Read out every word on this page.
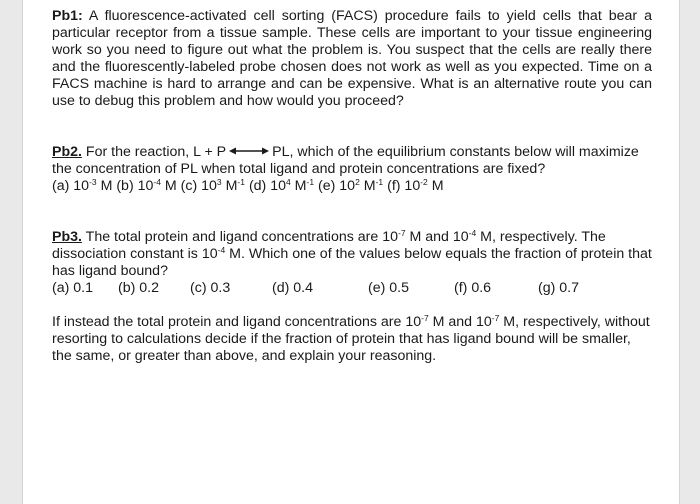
Pb1: A fluorescence-activated cell sorting (FACS) procedure fails to yield cells that bear a particular receptor from a tissue sample. These cells are important to your tissue engineering work so you need to figure out what the problem is. You suspect that the cells are really there and the fluorescently-labeled probe chosen does not work as well as you expected. Time on a FACS machine is hard to arrange and can be expensive. What is an alternative route you can use to debug this problem and how would you proceed?

Pb2. For the reaction, L + P	PL, which of the equilibrium constants below will maximize the concentration of PL when total ligand and protein concentrations are fixed?

(a) $10^{-3}$ M (b) $10^{-4}$ M (c) $10^3$ $M^{-1}$ (d) $10^4$ $M^{-1}$ (e) $10^2$ $M^{-1}$ (f) $10^{-2}$ M

Pb3. The total protein and ligand concentrations are $10^{-7}$ M and $10^{-4}$ M, respectively. The dissociation constant is $10^{-4}$ M. Which one of the values below equals the fraction of protein that has ligand bound?

(a) 0.1	(b) 0.2	(c) 0.3	(d) 0.4	(e) 0.5	(f) 0.6	(g) 0.7

If instead the total protein and ligand concentrations are $10^{-7}$ M and $10^{-7}$ M, respectively, without resorting to calculations decide if the fraction of protein that has ligand bound will be smaller, the same, or greater than above, and explain your reasoning.
